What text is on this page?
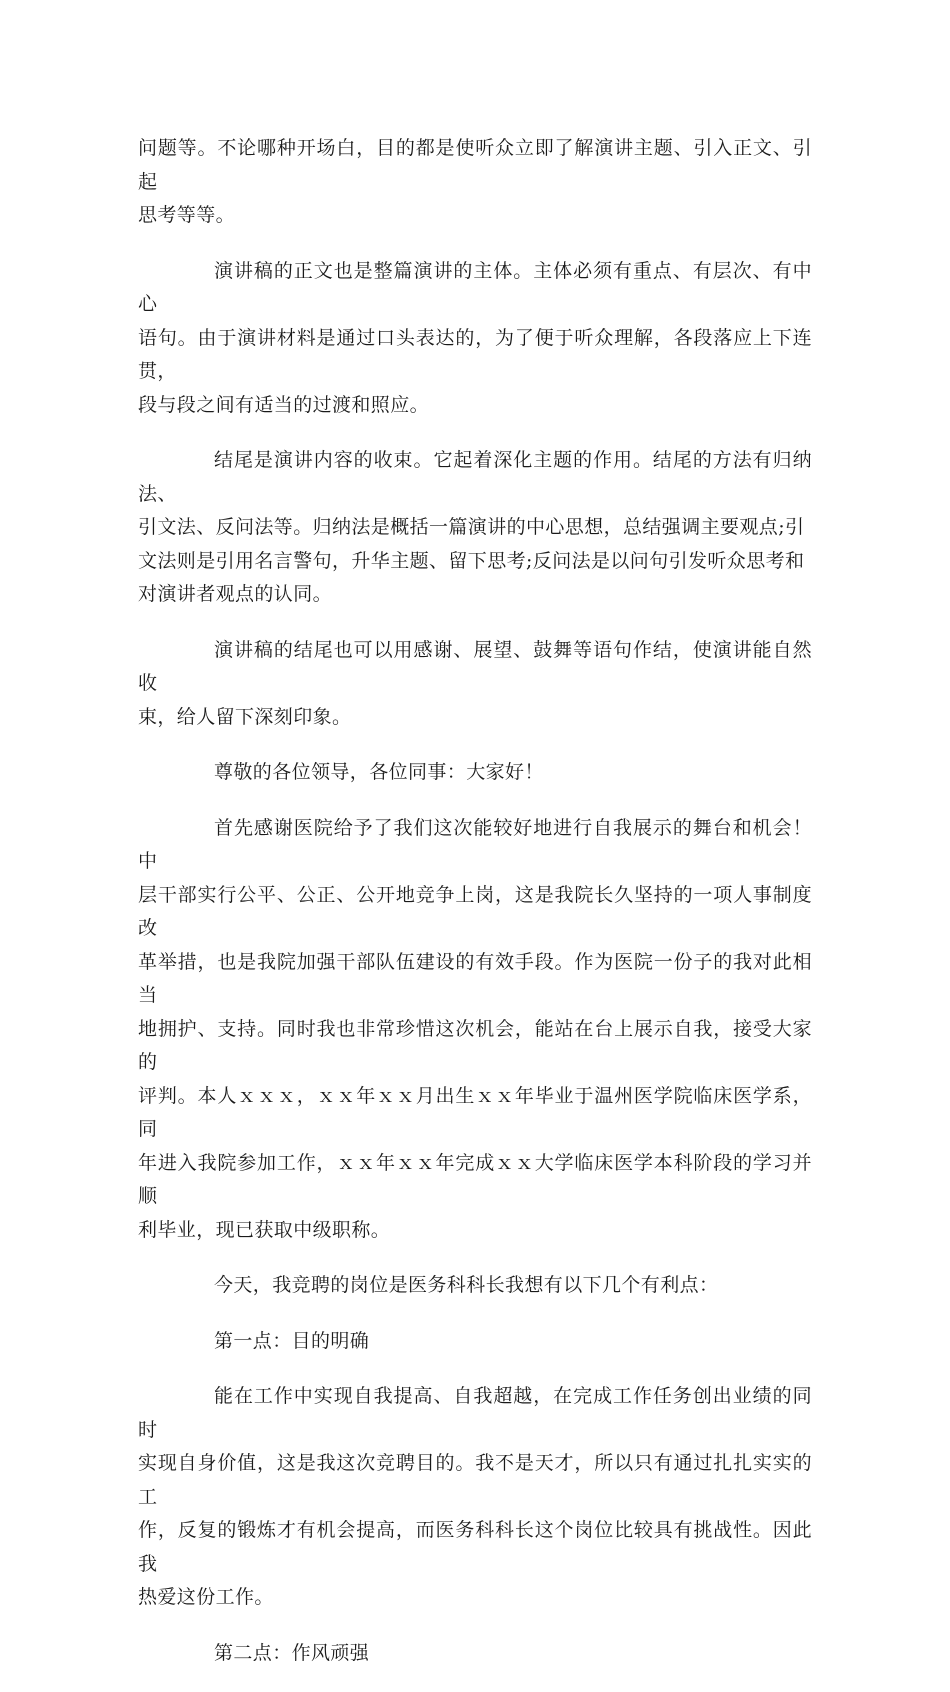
问题等。不论哪种开场白，目的都是使听众立即了解演讲主题、引入正文、引起
思考等等。

演讲稿的正文也是整篇演讲的主体。主体必须有重点、有层次、有中心
语句。由于演讲材料是通过口头表达的，为了便于听众理解，各段落应上下连贯，
段与段之间有适当的过渡和照应。

结尾是演讲内容的收束。它起着深化主题的作用。结尾的方法有归纳法、
引文法、反问法等。归纳法是概括一篇演讲的中心思想，总结强调主要观点;引
文法则是引用名言警句，升华主题、留下思考;反问法是以问句引发听众思考和
对演讲者观点的认同。

演讲稿的结尾也可以用感谢、展望、鼓舞等语句作结，使演讲能自然收
束，给人留下深刻印象。

尊敬的各位领导，各位同事：大家好！

首先感谢医院给予了我们这次能较好地进行自我展示的舞台和机会！中
层干部实行公平、公正、公开地竞争上岗，这是我院长久坚持的一项人事制度改
革举措，也是我院加强干部队伍建设的有效手段。作为医院一份子的我对此相当
地拥护、支持。同时我也非常珍惜这次机会，能站在台上展示自我，接受大家的
评判。本人ｘｘｘ，ｘｘ年ｘｘ月出生ｘｘ年毕业于温州医学院临床医学系，同
年进入我院参加工作，ｘｘ年ｘｘ年完成ｘｘ大学临床医学本科阶段的学习并顺
利毕业，现已获取中级职称。

今天，我竞聘的岗位是医务科科长我想有以下几个有利点：

第一点：目的明确

能在工作中实现自我提高、自我超越，在完成工作任务创出业绩的同时
实现自身价值，这是我这次竞聘目的。我不是天才，所以只有通过扎扎实实的工
作，反复的锻炼才有机会提高，而医务科科长这个岗位比较具有挑战性。因此我
热爱这份工作。

第二点：作风顽强
